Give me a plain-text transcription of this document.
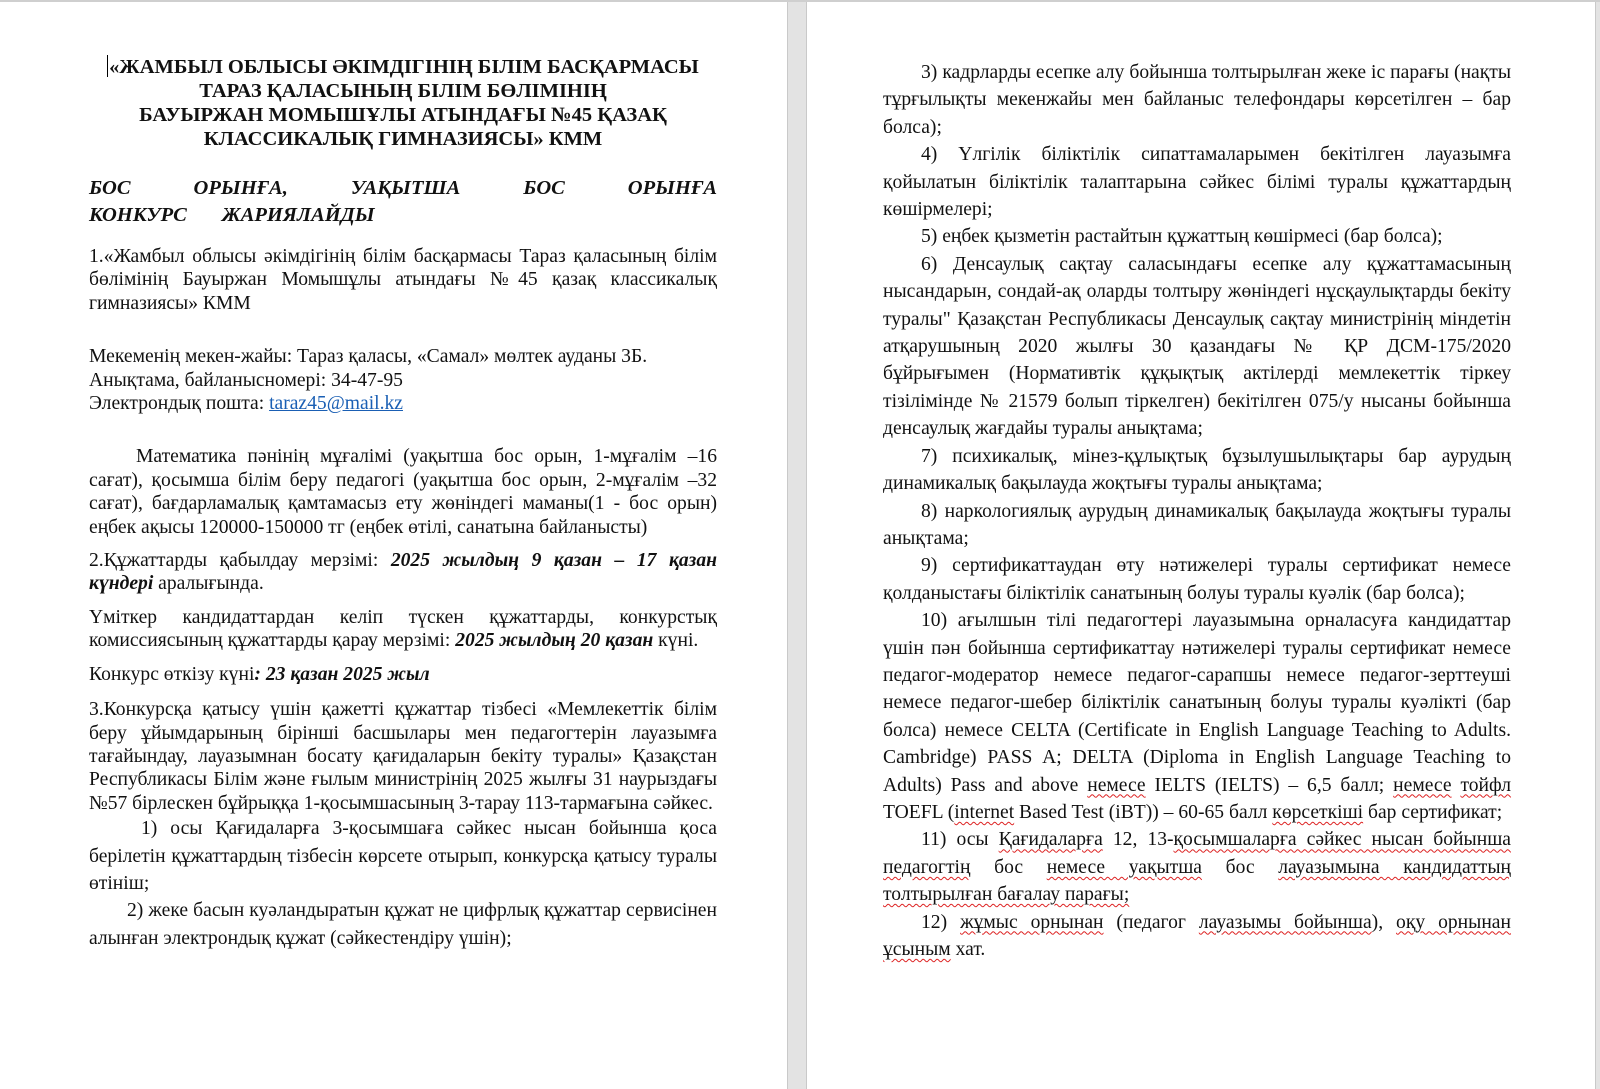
«ЖАМБЫЛ ОБЛЫСЫ ӘКІМДІГІНІҢ БІЛІМ БАСҚАРМАСЫ
ТАРАЗ ҚАЛАСЫНЫҢ БІЛІМ БӨЛІМІНІҢ
БАУЫРЖАН МОМЫШҰЛЫ АТЫНДАҒЫ №45 ҚАЗАҚ
КЛАССИКАЛЫҚ ГИМНАЗИЯСЫ» КММ

БОС ОРЫНҒА, УАҚЫТША БОС ОРЫНҒА КОНКУРС ЖАРИЯЛАЙДЫ

1.«Жамбыл облысы әкімдігінің білім басқармасы Тараз қаласының білім бөлімінің Бауыржан Момышұлы атындағы №45 қазақ классикалық гимназиясы» КММ

Мекеменің мекен-жайы: Тараз қаласы, «Самал» мөлтек ауданы 3Б.
Анықтама, байланысномері: 34-47-95
Электрондық пошта: taraz45@mail.kz

Математика пәнінің мұғалімі (уақытша бос орын, 1-мұғалім –16 сағат), қосымша білім беру педагогі (уақытша бос орын, 2-мұғалім –32 сағат), бағдарламалық қамтамасыз ету жөніндегі маманы(1 - бос орын) еңбек ақысы 120000-150000 тг (еңбек өтілі, санатына байланысты)

2.Құжаттарды қабылдау мерзімі: 2025 жылдың 9 қазан – 17 қазан күндері аралығында.

Үміткер кандидаттардан келіп түскен құжаттарды, конкурстық комиссиясының құжаттарды қарау мерзімі: 2025 жылдың 20 қазан күні.

Конкурс өткізу күні: 23 қазан 2025 жыл

3.Конкурсқа қатысу үшін қажетті құжаттар тізбесі «Мемлекеттік білім беру ұйымдарының бірінші басшылары мен педагогтерін лауазымға тағайындау, лауазымнан босату қағидаларын бекіту туралы» Қазақстан Республикасы Білім және ғылым министрінің 2025 жылғы 31 наурыздағы №57 бірлескен бұйрыққа 1-қосымшасының 3-тарау 113-тармағына сәйкес.

1) осы Қағидаларға 3-қосымшаға сәйкес нысан бойынша қоса берілетін құжаттардың тізбесін көрсете отырып, конкурсқа қатысу туралы өтініш;

2) жеке басын куәландыратын құжат не цифрлық құжаттар сервисінен алынған электрондық құжат (сәйкестендіру үшін);

3) кадрларды есепке алу бойынша толтырылған жеке іс парағы (нақты тұрғылықты мекенжайы мен байланыс телефондары көрсетілген – бар болса);

4) Үлгілік біліктілік сипаттамаларымен бекітілген лауазымға қойылатын біліктілік талаптарына сәйкес білімі туралы құжаттардың көшірмелері;

5) еңбек қызметін растайтын құжаттың көшірмесі (бар болса);

6) Денсаулық сақтау саласындағы есепке алу құжаттамасының нысандарын, сондай-ақ оларды толтыру жөніндегі нұсқаулықтарды бекіту туралы" Қазақстан Республикасы Денсаулық сақтау министрінің міндетін атқарушының 2020 жылғы 30 қазандағы № ҚР ДСМ-175/2020 бұйрығымен (Нормативтік құқықтық актілерді мемлекеттік тіркеу тізілімінде № 21579 болып тіркелген) бекітілген 075/у нысаны бойынша денсаулық жағдайы туралы анықтама;

7) психикалық, мінез-құлықтық бұзылушылықтары бар аурудың динамикалық бақылауда жоқтығы туралы анықтама;

8) наркологиялық аурудың динамикалық бақылауда жоқтығы туралы анықтама;

9) сертификаттаудан өту нәтижелері туралы сертификат немесе қолданыстағы біліктілік санатының болуы туралы куәлік (бар болса);

10) ағылшын тілі педагогтері лауазымына орналасуға кандидаттар үшін пән бойынша сертификаттау нәтижелері туралы сертификат немесе педагог-модератор немесе педагог-сарапшы немесе педагог-зерттеуші немесе педагог-шебер біліктілік санатының болуы туралы куәлікті (бар болса) немесе CELTA (Certificate in English Language Teaching to Adults. Cambridge) PASS A; DELTA (Diploma in English Language Teaching to Adults) Pass and above немесе IELTS (IELTS) – 6,5 балл; немесе тойфл TOEFL (internet Based Test (iBT)) – 60-65 балл көрсеткіші бар сертификат;

11) осы Қағидаларға 12, 13-қосымшаларға сәйкес нысан бойынша педагогтің бос немесе уақытша бос лауазымына кандидаттың толтырылған бағалау парағы;

12) жұмыс орнынан (педагог лауазымы бойынша), оқу орнынан ұсыным хат.
